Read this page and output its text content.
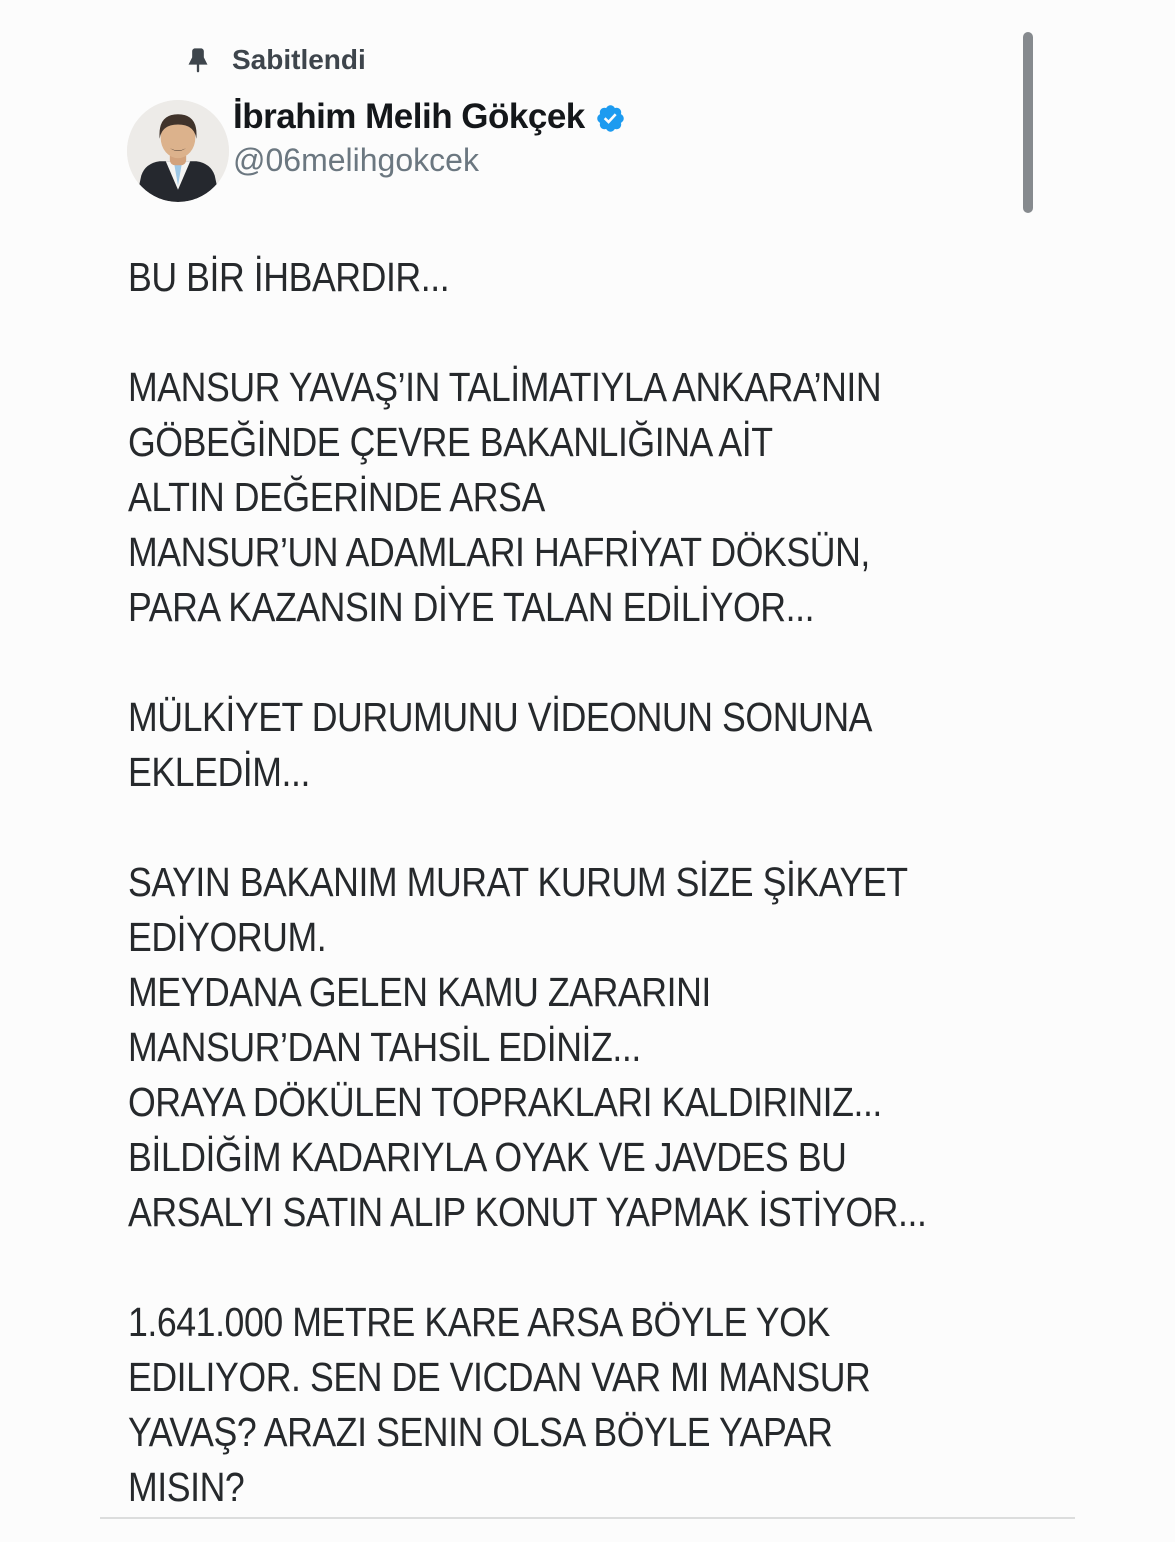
Sabitlendi
İbrahim Melih Gökçek
@06melihgokcek
BU BİR İHBARDIR...
MANSUR YAVAŞ’IN TALİMATIYLA ANKARA’NIN
GÖBEĞİNDE ÇEVRE BAKANLIĞINA AİT
ALTIN DEĞERİNDE ARSA
MANSUR’UN ADAMLARI HAFRİYAT DÖKSÜN,
PARA KAZANSIN DİYE TALAN EDİLİYOR...
MÜLKİYET DURUMUNU VİDEONUN SONUNA
EKLEDİM...
SAYIN BAKANIM MURAT KURUM SİZE ŞİKAYET
EDİYORUM.
MEYDANA GELEN KAMU ZARARINI
MANSUR’DAN TAHSİL EDİNİZ...
ORAYA DÖKÜLEN TOPRAKLARI KALDIRINIZ...
BİLDİĞİM KADARIYLA OYAK VE JAVDES BU
ARSALYI SATIN ALIP KONUT YAPMAK İSTİYOR...
1.641.000 METRE KARE ARSA BÖYLE YOK
EDILIYOR. SEN DE VICDAN VAR MI MANSUR
YAVAŞ? ARAZI SENIN OLSA BÖYLE YAPAR
MISIN?
